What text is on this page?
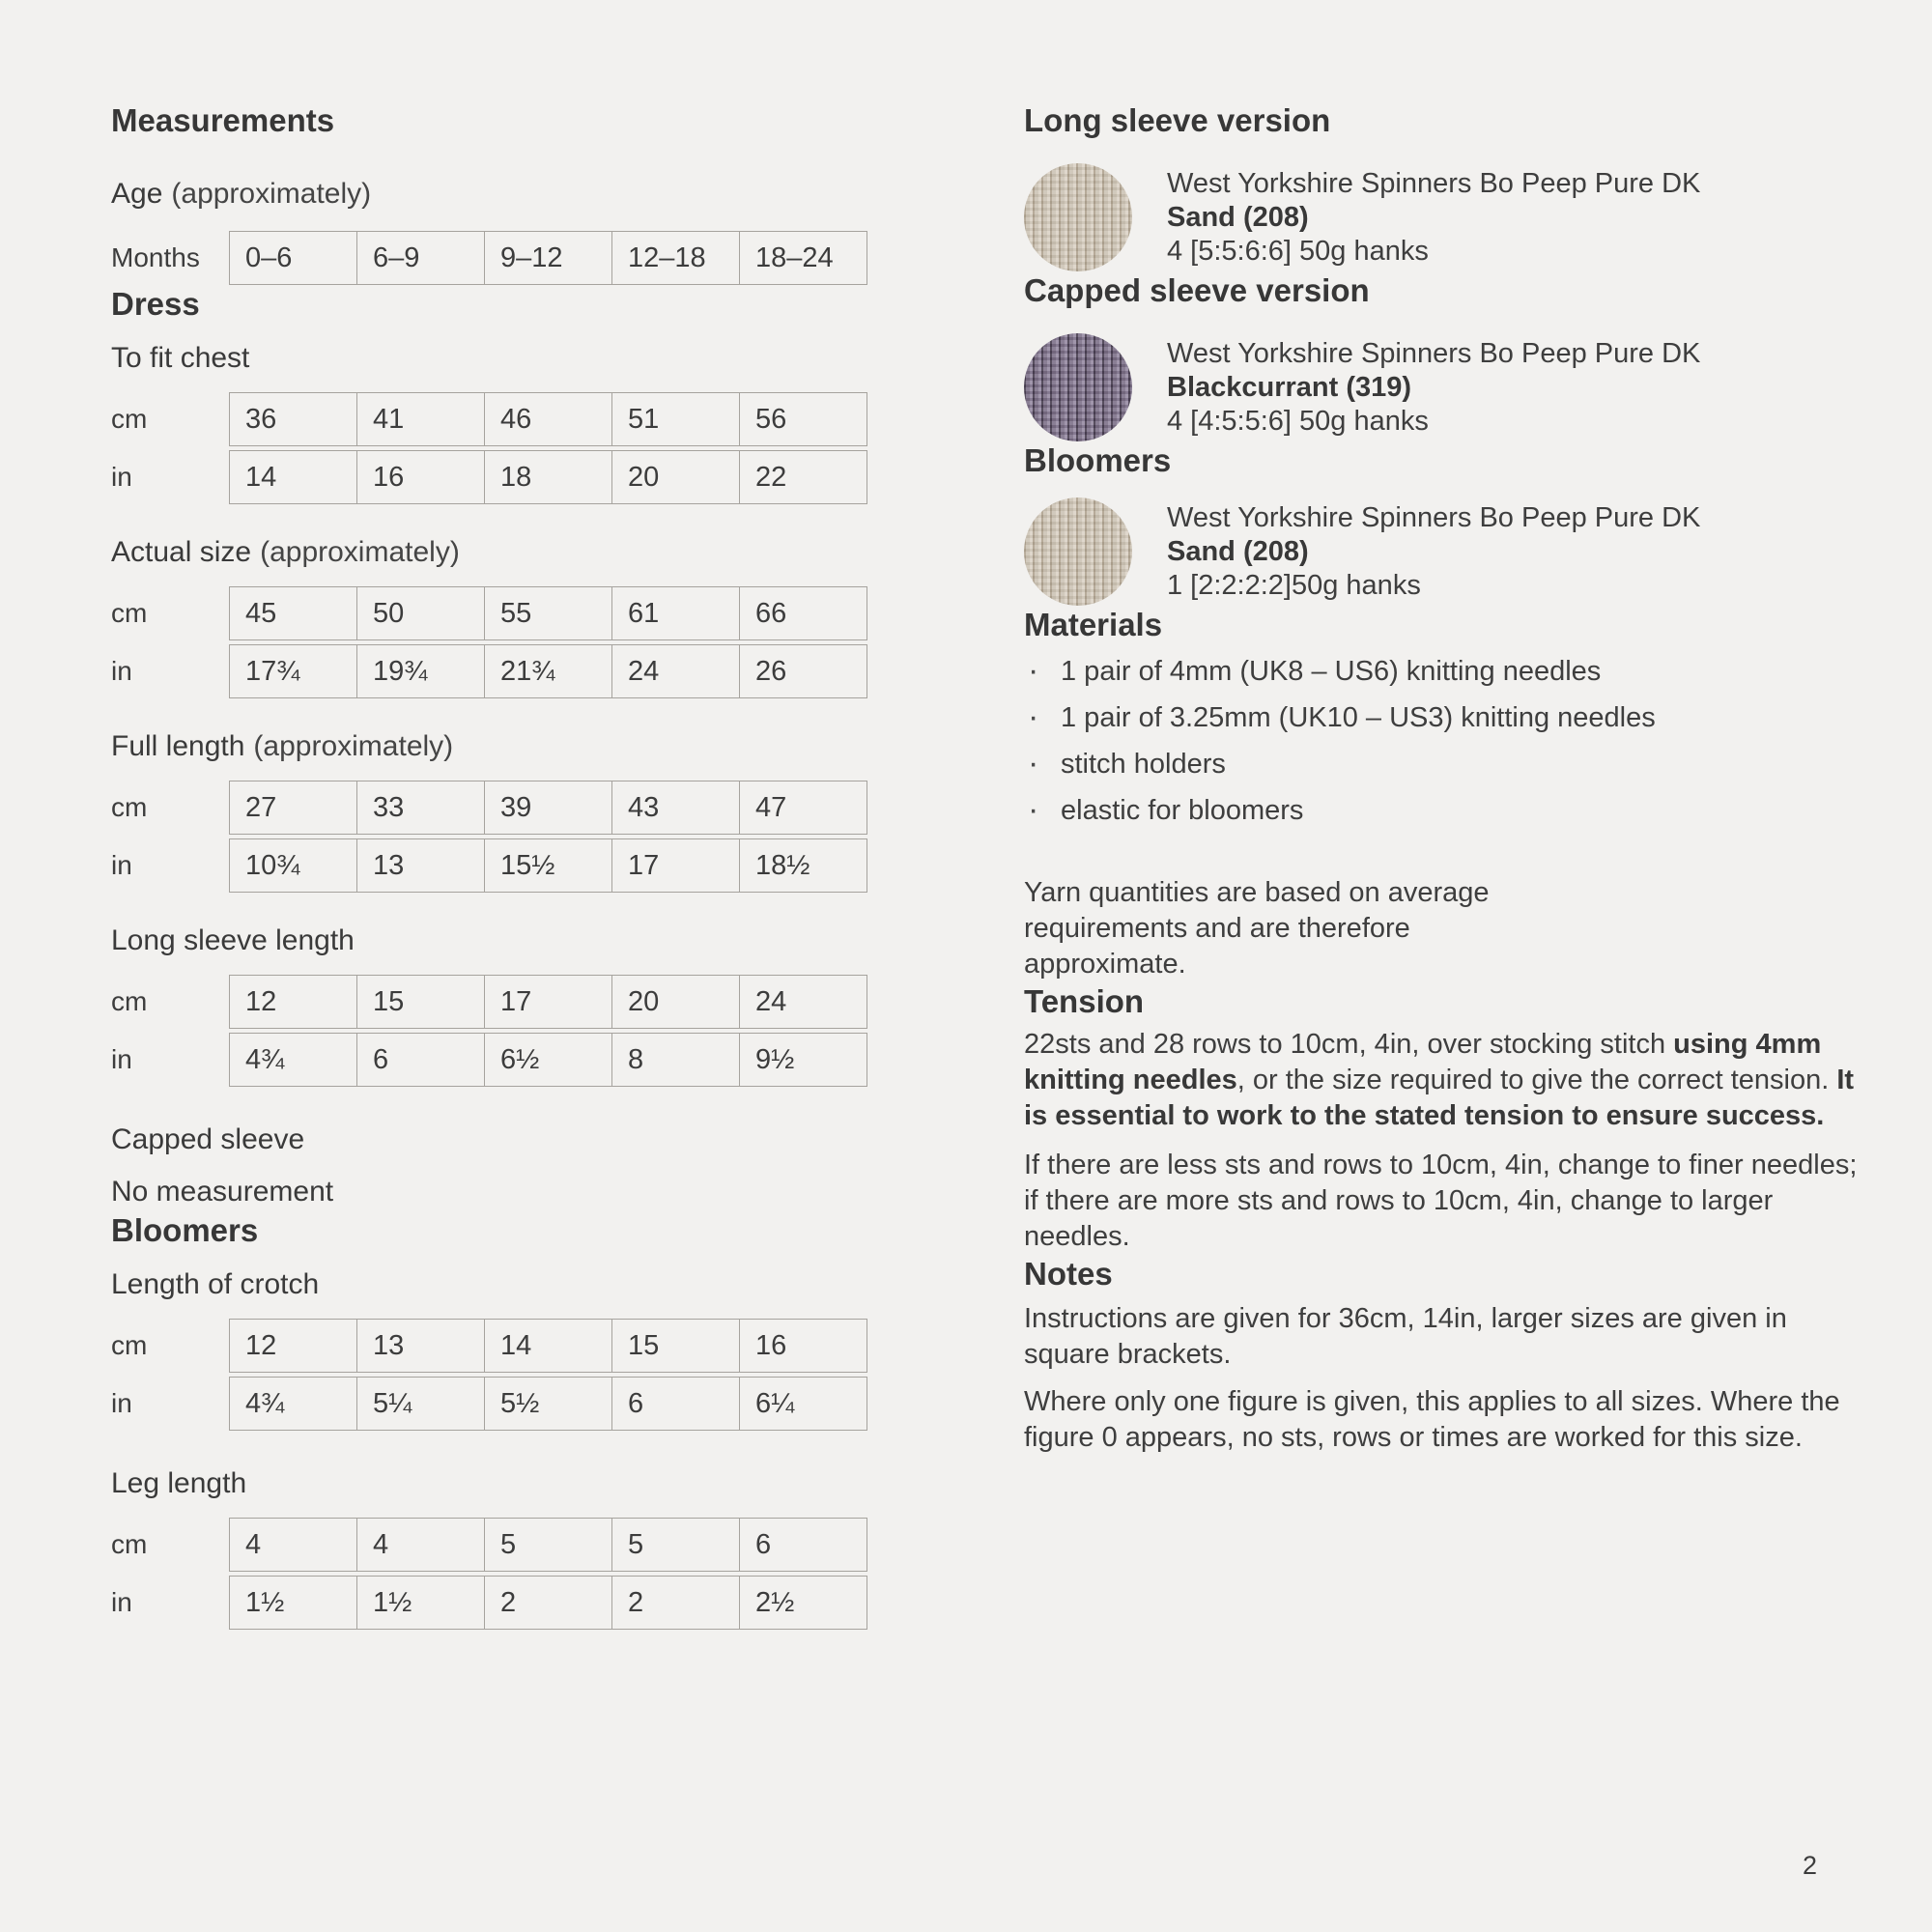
Measurements
Age (approximately)
Months	0–6	6–9	9–12	12–18	18–24
Dress
To fit chest
cm	36	41	46	51	56
in	14	16	18	20	22
Actual size (approximately)
cm	45	50	55	61	66
in	17¾	19¾	21¾	24	26
Full length (approximately)
cm	27	33	39	43	47
in	10¾	13	15½	17	18½
Long sleeve length
cm	12	15	17	20	24
in	4¾	6	6½	8	9½
Capped sleeve
No measurement
Bloomers
Length of crotch
cm	12	13	14	15	16
in	4¾	5¼	5½	6	6¼
Leg length
cm	4	4	5	5	6
in	1½	1½	2	2	2½
Long sleeve version
West Yorkshire Spinners Bo Peep Pure DK
Sand (208)
4 [5:5:6:6] 50g hanks
Capped sleeve version
West Yorkshire Spinners Bo Peep Pure DK
Blackcurrant (319)
4 [4:5:5:6] 50g hanks
Bloomers
West Yorkshire Spinners Bo Peep Pure DK
Sand (208)
1 [2:2:2:2]50g hanks
Materials
· 1 pair of 4mm (UK8 – US6) knitting needles
· 1 pair of 3.25mm (UK10 – US3) knitting needles
· stitch holders
· elastic for bloomers

Yarn quantities are based on average requirements and are therefore approximate.

Tension

22sts and 28 rows to 10cm, 4in, over stocking stitch using 4mm knitting needles, or the size required to give the correct tension. It is essential to work to the stated tension to ensure success.

If there are less sts and rows to 10cm, 4in, change to finer needles; if there are more sts and rows to 10cm, 4in, change to larger needles.

Notes

Instructions are given for 36cm, 14in, larger sizes are given in square brackets.

Where only one figure is given, this applies to all sizes. Where the figure 0 appears, no sts, rows or times are worked for this size.

2
